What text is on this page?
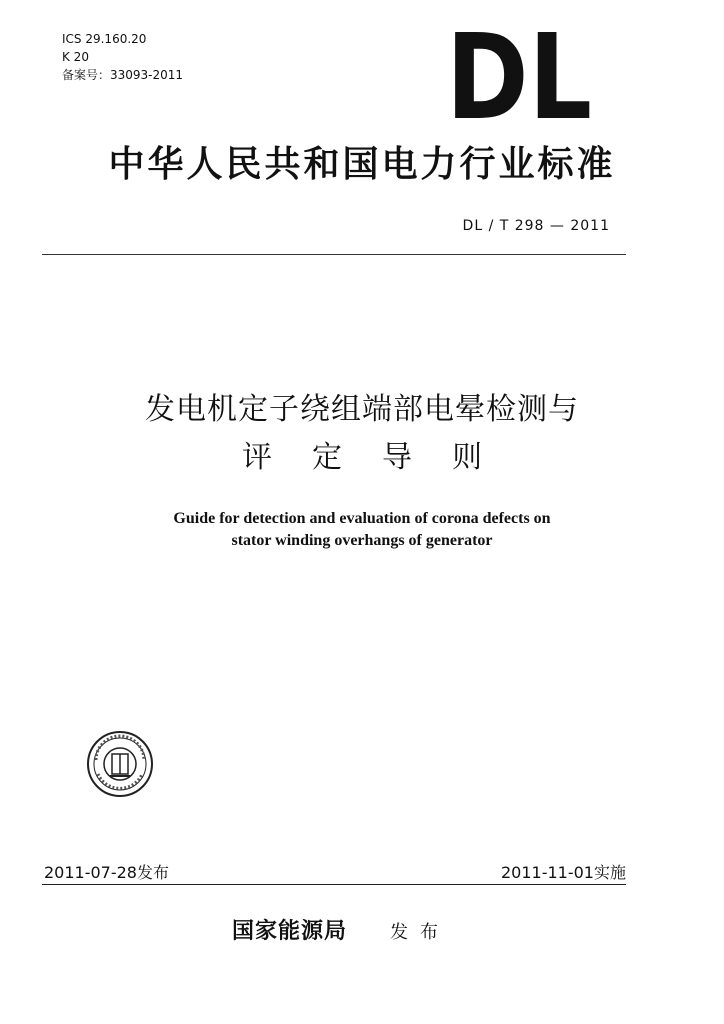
ICS 29.160.20
K 20
备案号：33093-2011 DL
中华人民共和国电力行业标准
DL / T 298 — 2011
发电机定子绕组端部电晕检测与
评定导则
Guide for detection and evaluation of corona defects on
stator winding overhangs of generator
2011-07-28发布	2011-11-01实施
国家能源局 发布
